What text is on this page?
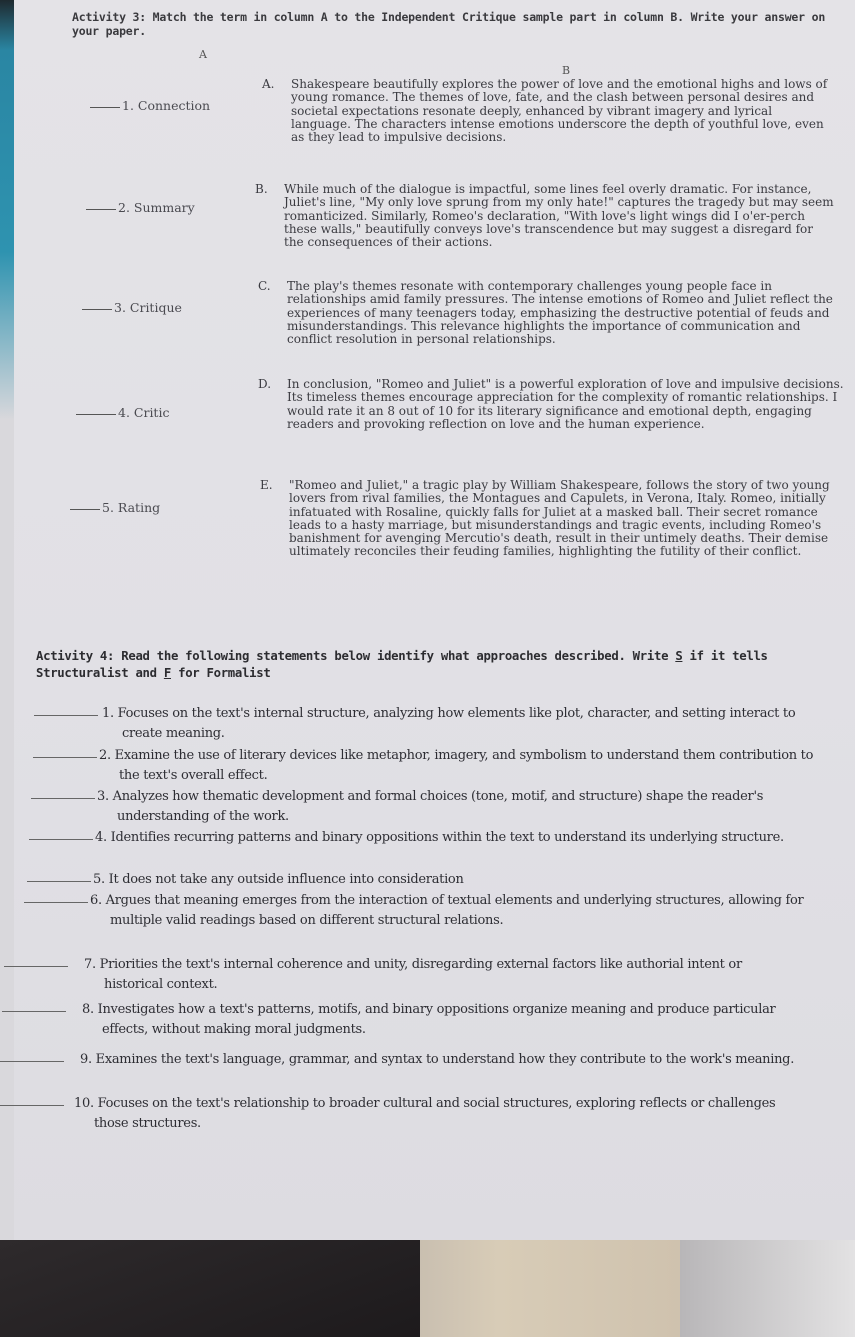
Activity 3: Match the term in column A to the Independent Critique sample part in column B. Write your answer on your paper.
A
B
1. Connection
2. Summary
3. Critique
4. Critic
5. Rating
A. Shakespeare beautifully explores the power of love and the emotional highs and lows of young romance. The themes of love, fate, and the clash between personal desires and societal expectations resonate deeply, enhanced by vibrant imagery and lyrical language. The characters intense emotions underscore the depth of youthful love, even as they lead to impulsive decisions.
B. While much of the dialogue is impactful, some lines feel overly dramatic. For instance, Juliet's line, "My only love sprung from my only hate!" captures the tragedy but may seem romanticized. Similarly, Romeo's declaration, "With love's light wings did I o'er-perch these walls," beautifully conveys love's transcendence but may suggest a disregard for the consequences of their actions.
C. The play's themes resonate with contemporary challenges young people face in relationships amid family pressures. The intense emotions of Romeo and Juliet reflect the experiences of many teenagers today, emphasizing the destructive potential of feuds and misunderstandings. This relevance highlights the importance of communication and conflict resolution in personal relationships.
D. In conclusion, "Romeo and Juliet" is a powerful exploration of love and impulsive decisions. Its timeless themes encourage appreciation for the complexity of romantic relationships. I would rate it an 8 out of 10 for its literary significance and emotional depth, engaging readers and provoking reflection on love and the human experience.
E. "Romeo and Juliet," a tragic play by William Shakespeare, follows the story of two young lovers from rival families, the Montagues and Capulets, in Verona, Italy. Romeo, initially infatuated with Rosaline, quickly falls for Juliet at a masked ball. Their secret romance leads to a hasty marriage, but misunderstandings and tragic events, including Romeo's banishment for avenging Mercutio's death, result in their untimely deaths. Their demise ultimately reconciles their feuding families, highlighting the futility of their conflict.
Activity 4: Read the following statements below identify what approaches described. Write S if it tells Structuralist and F for Formalist
1. Focuses on the text's internal structure, analyzing how elements like plot, character, and setting interact to create meaning.
2. Examine the use of literary devices like metaphor, imagery, and symbolism to understand them contribution to the text's overall effect.
3. Analyzes how thematic development and formal choices (tone, motif, and structure) shape the reader's understanding of the work.
4. Identifies recurring patterns and binary oppositions within the text to understand its underlying structure.
5. It does not take any outside influence into consideration
6. Argues that meaning emerges from the interaction of textual elements and underlying structures, allowing for multiple valid readings based on different structural relations.
7. Priorities the text's internal coherence and unity, disregarding external factors like authorial intent or historical context.
8. Investigates how a text's patterns, motifs, and binary oppositions organize meaning and produce particular effects, without making moral judgments.
9. Examines the text's language, grammar, and syntax to understand how they contribute to the work's meaning.
10. Focuses on the text's relationship to broader cultural and social structures, exploring reflects or challenges those structures.
